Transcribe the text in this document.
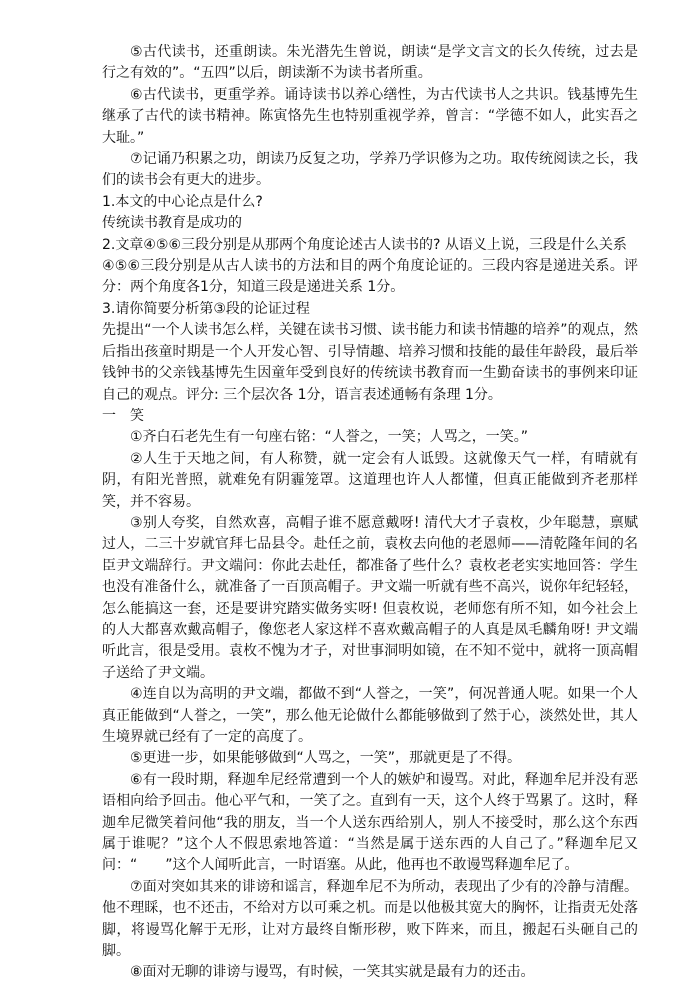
⑤古代读书，还重朗读。朱光潜先生曾说，朗读“是学文言文的长久传统，过去是行之有效的”。“五四”以后，朗读渐不为读书者所重。

⑥古代读书，更重学养。诵诗读书以养心缮性，为古代读书人之共识。钱基博先生继承了古代的读书精神。陈寅恪先生也特别重视学养，曾言：“学德不如人，此实吾之大耻。”

⑦记诵乃积累之功，朗读乃反复之功，学养乃学识修为之功。取传统阅读之长，我们的读书会有更大的进步。

1.本文的中心论点是什么?

传统读书教育是成功的

2.文章④⑤⑥三段分别是从那两个角度论述古人读书的? 从语义上说，三段是什么关系

④⑤⑥三段分别是从古人读书的方法和目的两个角度论证的。三段内容是递进关系。评分：两个角度各1分，知道三段是递进关系 1分。

3.请你简要分析第③段的论证过程

先提出“一个人读书怎么样，关键在读书习惯、读书能力和读书情趣的培养”的观点，然后指出孩童时期是一个人开发心智、引导情趣、培养习惯和技能的最佳年龄段，最后举钱钟书的父亲钱基博先生因童年受到良好的传统读书教育而一生勤奋读书的事例来印证自己的观点。评分: 三个层次各 1分，语言表述通畅有条理 1分。

一笑

①齐白石老先生有一句座右铭：“人誉之，一笑；人骂之，一笑。”

②人生于天地之间，有人称赞，就一定会有人诋毁。这就像天气一样，有晴就有阴，有阳光普照，就难免有阴霾笼罩。这道理也许人人都懂，但真正能做到齐老那样笑，并不容易。

③别人夸奖，自然欢喜，高帽子谁不愿意戴呀! 清代大才子袁枚，少年聪慧，禀赋过人，二三十岁就官拜七品县令。赴任之前，袁枚去向他的老恩师——清乾隆年间的名臣尹文端辞行。尹文端问：你此去赴任，都准备了些什么？袁枚老老实实地回答：学生也没有准备什么，就准备了一百顶高帽子。尹文端一听就有些不高兴，说你年纪轻轻，怎么能搞这一套，还是要讲究踏实做务实呀! 但袁枚说，老师您有所不知，如今社会上的人大都喜欢戴高帽子，像您老人家这样不喜欢戴高帽子的人真是凤毛麟角呀! 尹文端听此言，很是受用。袁枚不愧为才子，对世事洞明如镜，在不知不觉中，就将一顶高帽子送给了尹文端。

④连自以为高明的尹文端，都做不到“人誉之，一笑”，何况普通人呢。如果一个人真正能做到“人誉之，一笑”，那么他无论做什么都能够做到了然于心，淡然处世，其人生境界就已经有了一定的高度了。

⑤更进一步，如果能够做到“人骂之，一笑”，那就更是了不得。

⑥有一段时期，释迦牟尼经常遭到一个人的嫉妒和谩骂。对此，释迦牟尼并没有恶语相向给予回击。他心平气和，一笑了之。直到有一天，这个人终于骂累了。这时，释迦牟尼微笑着问他“我的朋友，当一个人送东西给别人，别人不接受时，那么这个东西属于谁呢？”这个人不假思索地答道：“当然是属于送东西的人自己了。”释迦牟尼又问：“　　”这个人闻听此言，一时语塞。从此，他再也不敢谩骂释迦牟尼了。

⑦面对突如其来的诽谤和谣言，释迦牟尼不为所动，表现出了少有的冷静与清醒。他不理睬，也不还击，不给对方以可乘之机。而是以他极其宽大的胸怀，让指责无处落脚，将谩骂化解于无形，让对方最终自惭形秽，败下阵来，而且，搬起石头砸自己的脚。

⑧面对无聊的诽谤与谩骂，有时候，一笑其实就是最有力的还击。
